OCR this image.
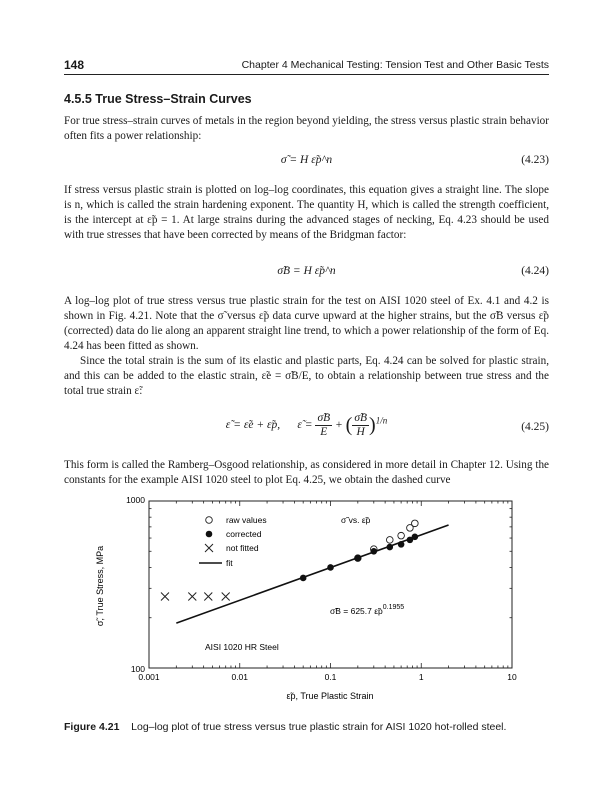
148	Chapter 4 Mechanical Testing: Tension Test and Other Basic Tests
4.5.5 True Stress–Strain Curves

For true stress–strain curves of metals in the region beyond yielding, the stress versus plastic strain behavior often fits a power relationship:

σ̃ = H ε̃p^n	(4.23)

If stress versus plastic strain is plotted on log–log coordinates, this equation gives a straight line. The slope is n, which is called the strain hardening exponent. The quantity H, which is called the strength coefficient, is the intercept at ε̃p = 1. At large strains during the advanced stages of necking, Eq. 4.23 should be used with true stresses that have been corrected by means of the Bridgman factor:

σ̃B = H ε̃p^n	(4.24)

A log–log plot of true stress versus true plastic strain for the test on AISI 1020 steel of Ex. 4.1 and 4.2 is shown in Fig. 4.21. Note that the σ̃ versus ε̃p data curve upward at the higher strains, but the σ̃B versus ε̃p (corrected) data do lie along an apparent straight line trend, to which a power relationship of the form of Eq. 4.24 has been fitted as shown.

Since the total strain is the sum of its elastic and plastic parts, Eq. 4.24 can be solved for plastic strain, and this can be added to the elastic strain, ε̃e = σ̃B/E, to obtain a relationship between true stress and the total true strain ε̃:

ε̃ = ε̃e + ε̃p, ε̃ = $\frac{\sigmãB}{E}$ + ( $\frac{\sigmãB}{H} )^{1/n}$
(4.25)

This form is called the Ramberg–Osgood relationship, as considered in more detail in Chapter 12. Using the constants for the example AISI 1020 steel to plot Eq. 4.25, we obtain the dashed curve

1000
100
0.001	0.01	0.1	1	10
ε̃p, True Plastic Strain
σ̃, True Stress, MPa
raw values
corrected
not fitted
fit
σ̃ vs. ε̃p
σ̃B = 625.7 $\varepsiloñp^{0.1955}$
AISI 1020 HR Steel
Figure 4.21 Log–log plot of true stress versus true plastic strain for AISI 1020 hot-rolled steel.
